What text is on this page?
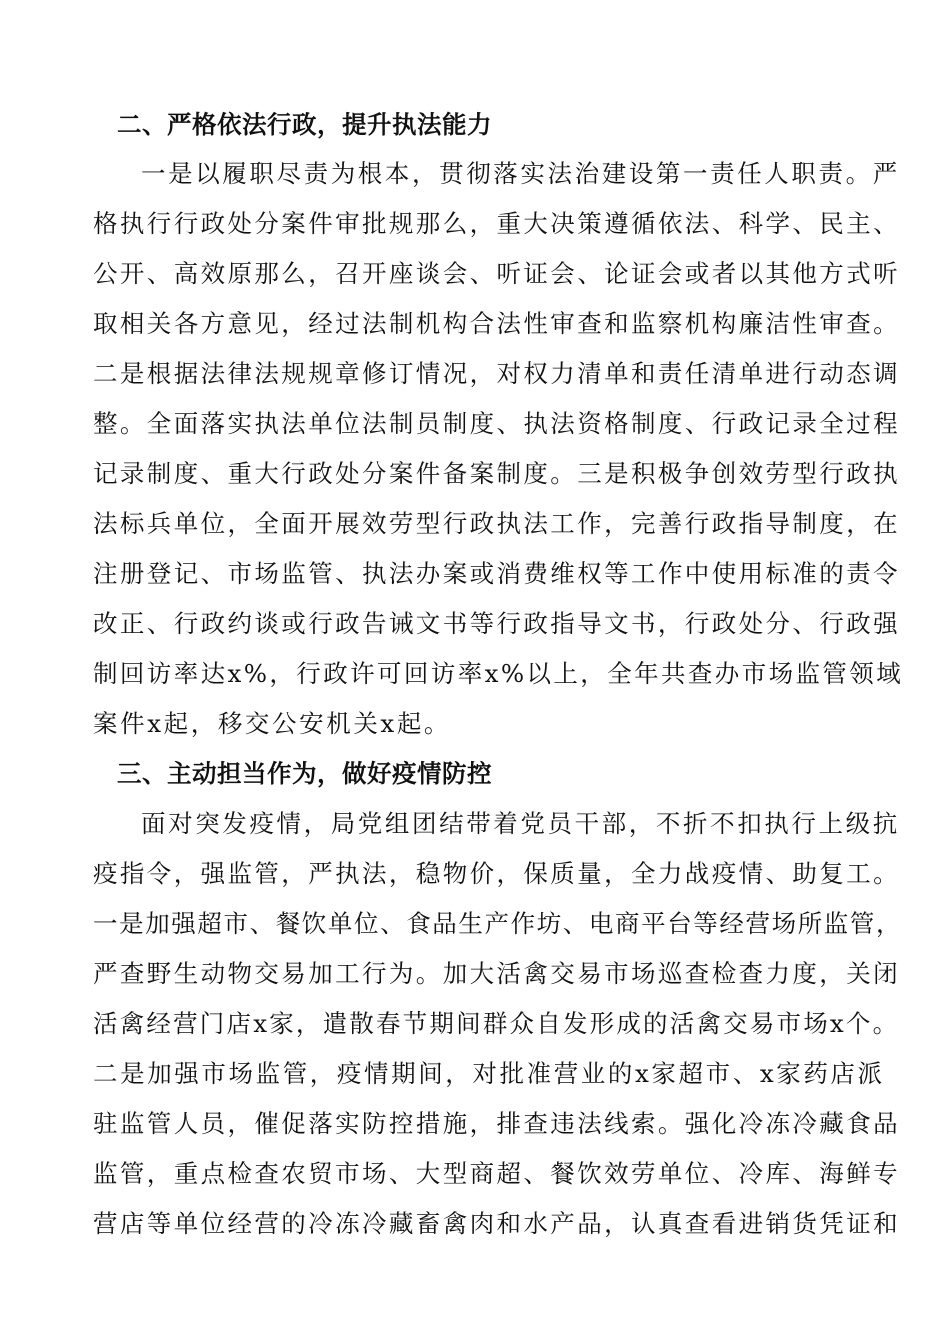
二、严格依法行政，提升执法能力
一是以履职尽责为根本，贯彻落实法治建设第一责任人职责。严
格执行行政处分案件审批规那么，重大决策遵循依法、科学、民主、
公开、高效原那么，召开座谈会、听证会、论证会或者以其他方式听
取相关各方意见，经过法制机构合法性审查和监察机构廉洁性审查。
二是根据法律法规规章修订情况，对权力清单和责任清单进行动态调
整。全面落实执法单位法制员制度、执法资格制度、行政记录全过程
记录制度、重大行政处分案件备案制度。三是积极争创效劳型行政执
法标兵单位，全面开展效劳型行政执法工作，完善行政指导制度，在
注册登记、市场监管、执法办案或消费维权等工作中使用标准的责令
改正、行政约谈或行政告诫文书等行政指导文书，行政处分、行政强
制回访率达x%，行政许可回访率x%以上，全年共查办市场监管领域
案件x起，移交公安机关x起。
三、主动担当作为，做好疫情防控
面对突发疫情，局党组团结带着党员干部，不折不扣执行上级抗
疫指令，强监管，严执法，稳物价，保质量，全力战疫情、助复工。
一是加强超市、餐饮单位、食品生产作坊、电商平台等经营场所监管，
严查野生动物交易加工行为。加大活禽交易市场巡查检查力度，关闭
活禽经营门店x家，遣散春节期间群众自发形成的活禽交易市场x个。
二是加强市场监管，疫情期间，对批准营业的x家超市、x家药店派
驻监管人员，催促落实防控措施，排查违法线索。强化冷冻冷藏食品
监管，重点检查农贸市场、大型商超、餐饮效劳单位、冷库、海鲜专
营店等单位经营的冷冻冷藏畜禽肉和水产品，认真查看进销货凭证和
